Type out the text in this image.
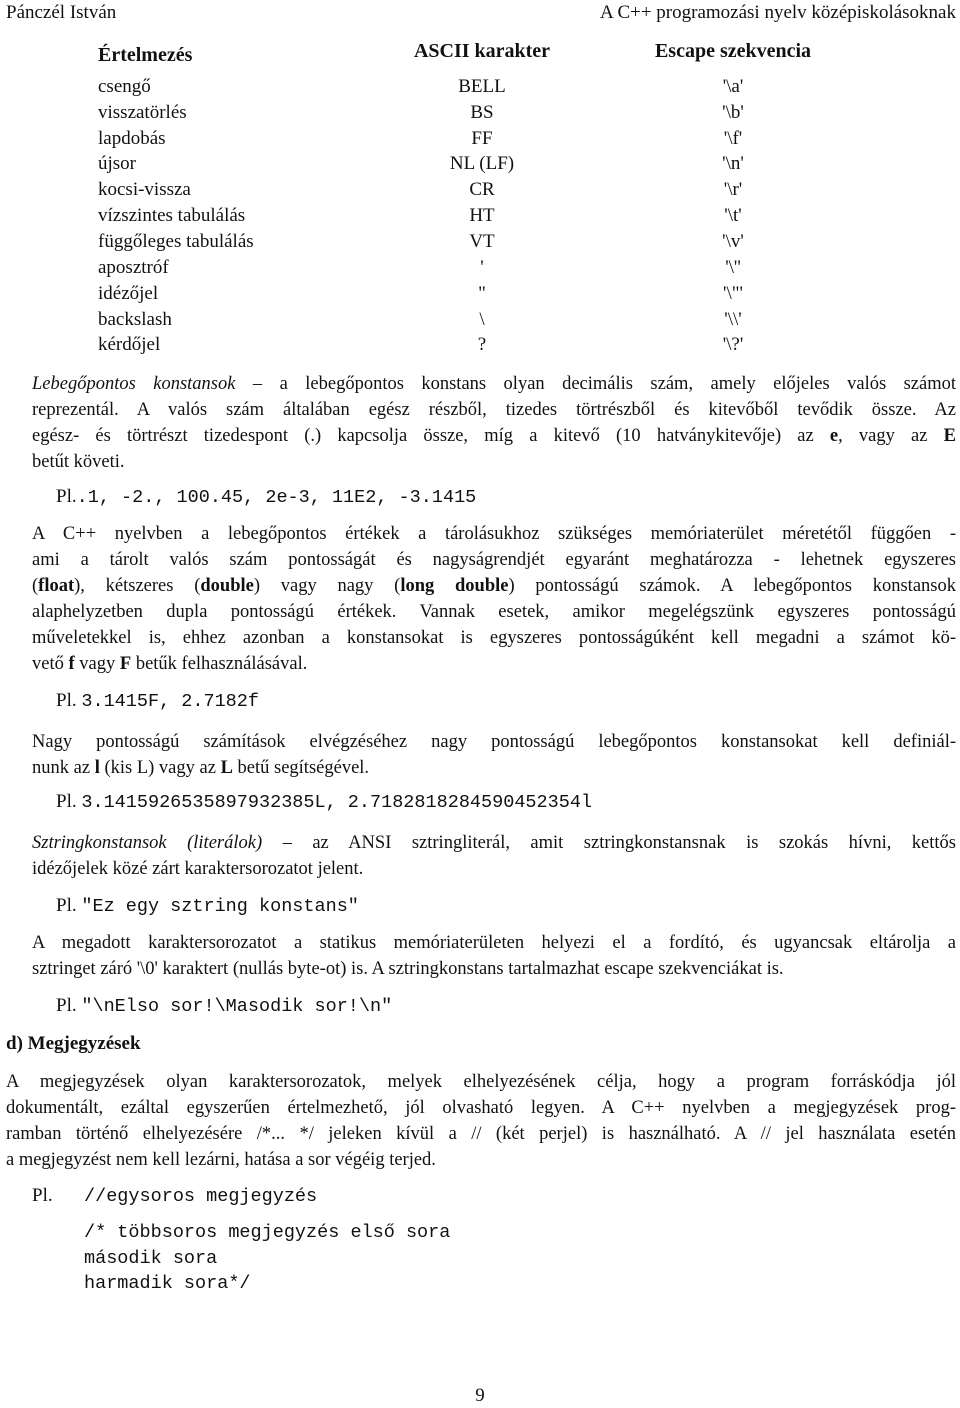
Pánczél István	A C++ programozási nyelv középiskolásoknak
Értelmezés	ASCII karakter	Escape szekvencia
csengő	BELL	'\a'
visszatörlés	BS	'\b'
lapdobás	FF	'\f'
újsor	NL (LF)	'\n'
kocsi-vissza	CR	'\r'
vízszintes tabulálás	HT	'\t'
függőleges tabulálás	VT	'\v'
aposztróf	'	'\''
idézőjel	"	'\"'
backslash	\	'\\'
kérdőjel	?	'\?'
Lebegőpontos konstansok – a lebegőpontos konstans olyan decimális szám, amely előjeles valós számot
reprezentál. A valós szám általában egész részből, tizedes törtrészből és kitevőből tevődik össze. Az
egész- és törtrészt tizedespont (.) kapcsolja össze, míg a kitevő (10 hatványkitevője) az e, vagy az E
betűt követi.
Pl..1, -2., 100.45, 2e-3, 11E2, -3.1415
A C++ nyelvben a lebegőpontos értékek a tárolásukhoz szükséges memóriaterület méretétől függően -
ami a tárolt valós szám pontosságát és nagyságrendjét egyaránt meghatározza - lehetnek egyszeres
(float), kétszeres (double) vagy nagy (long double) pontosságú számok. A lebegőpontos konstansok
alaphelyzetben dupla pontosságú értékek. Vannak esetek, amikor megelégszünk egyszeres pontosságú
műveletekkel is, ehhez azonban a konstansokat is egyszeres pontosságúként kell megadni a számot kö-
vető f vagy F betűk felhasználásával.
Pl. 3.1415F, 2.7182f
Nagy pontosságú számítások elvégzéséhez nagy pontosságú lebegőpontos konstansokat kell definiál-
nunk az l (kis L) vagy az L betű segítségével.
Pl. 3.1415926535897932385L, 2.7182818284590452354l
Sztringkonstansok (literálok) – az ANSI sztringliterál, amit sztringkonstansnak is szokás hívni, kettős
idézőjelek közé zárt karaktersorozatot jelent.
Pl. "Ez egy sztring konstans"
A megadott karaktersorozatot a statikus memóriaterületen helyezi el a fordító, és ugyancsak eltárolja a
sztringet záró '\0' karaktert (nullás byte-ot) is. A sztringkonstans tartalmazhat escape szekvenciákat is.
Pl. "\nElso sor!\Masodik sor!\n"
d) Megjegyzések
A megjegyzések olyan karaktersorozatok, melyek elhelyezésének célja, hogy a program forráskódja jól
dokumentált, ezáltal egyszerűen értelmezhető, jól olvasható legyen. A C++ nyelvben a megjegyzések prog-
ramban történő elhelyezésére /*... */ jeleken kívül a // (két perjel) is használható. A // jel használata esetén
a megjegyzést nem kell lezárni, hatása a sor végéig terjed.
Pl. //egysoros megjegyzés
/* többsoros megjegyzés első sora
második sora
harmadik sora*/
9
